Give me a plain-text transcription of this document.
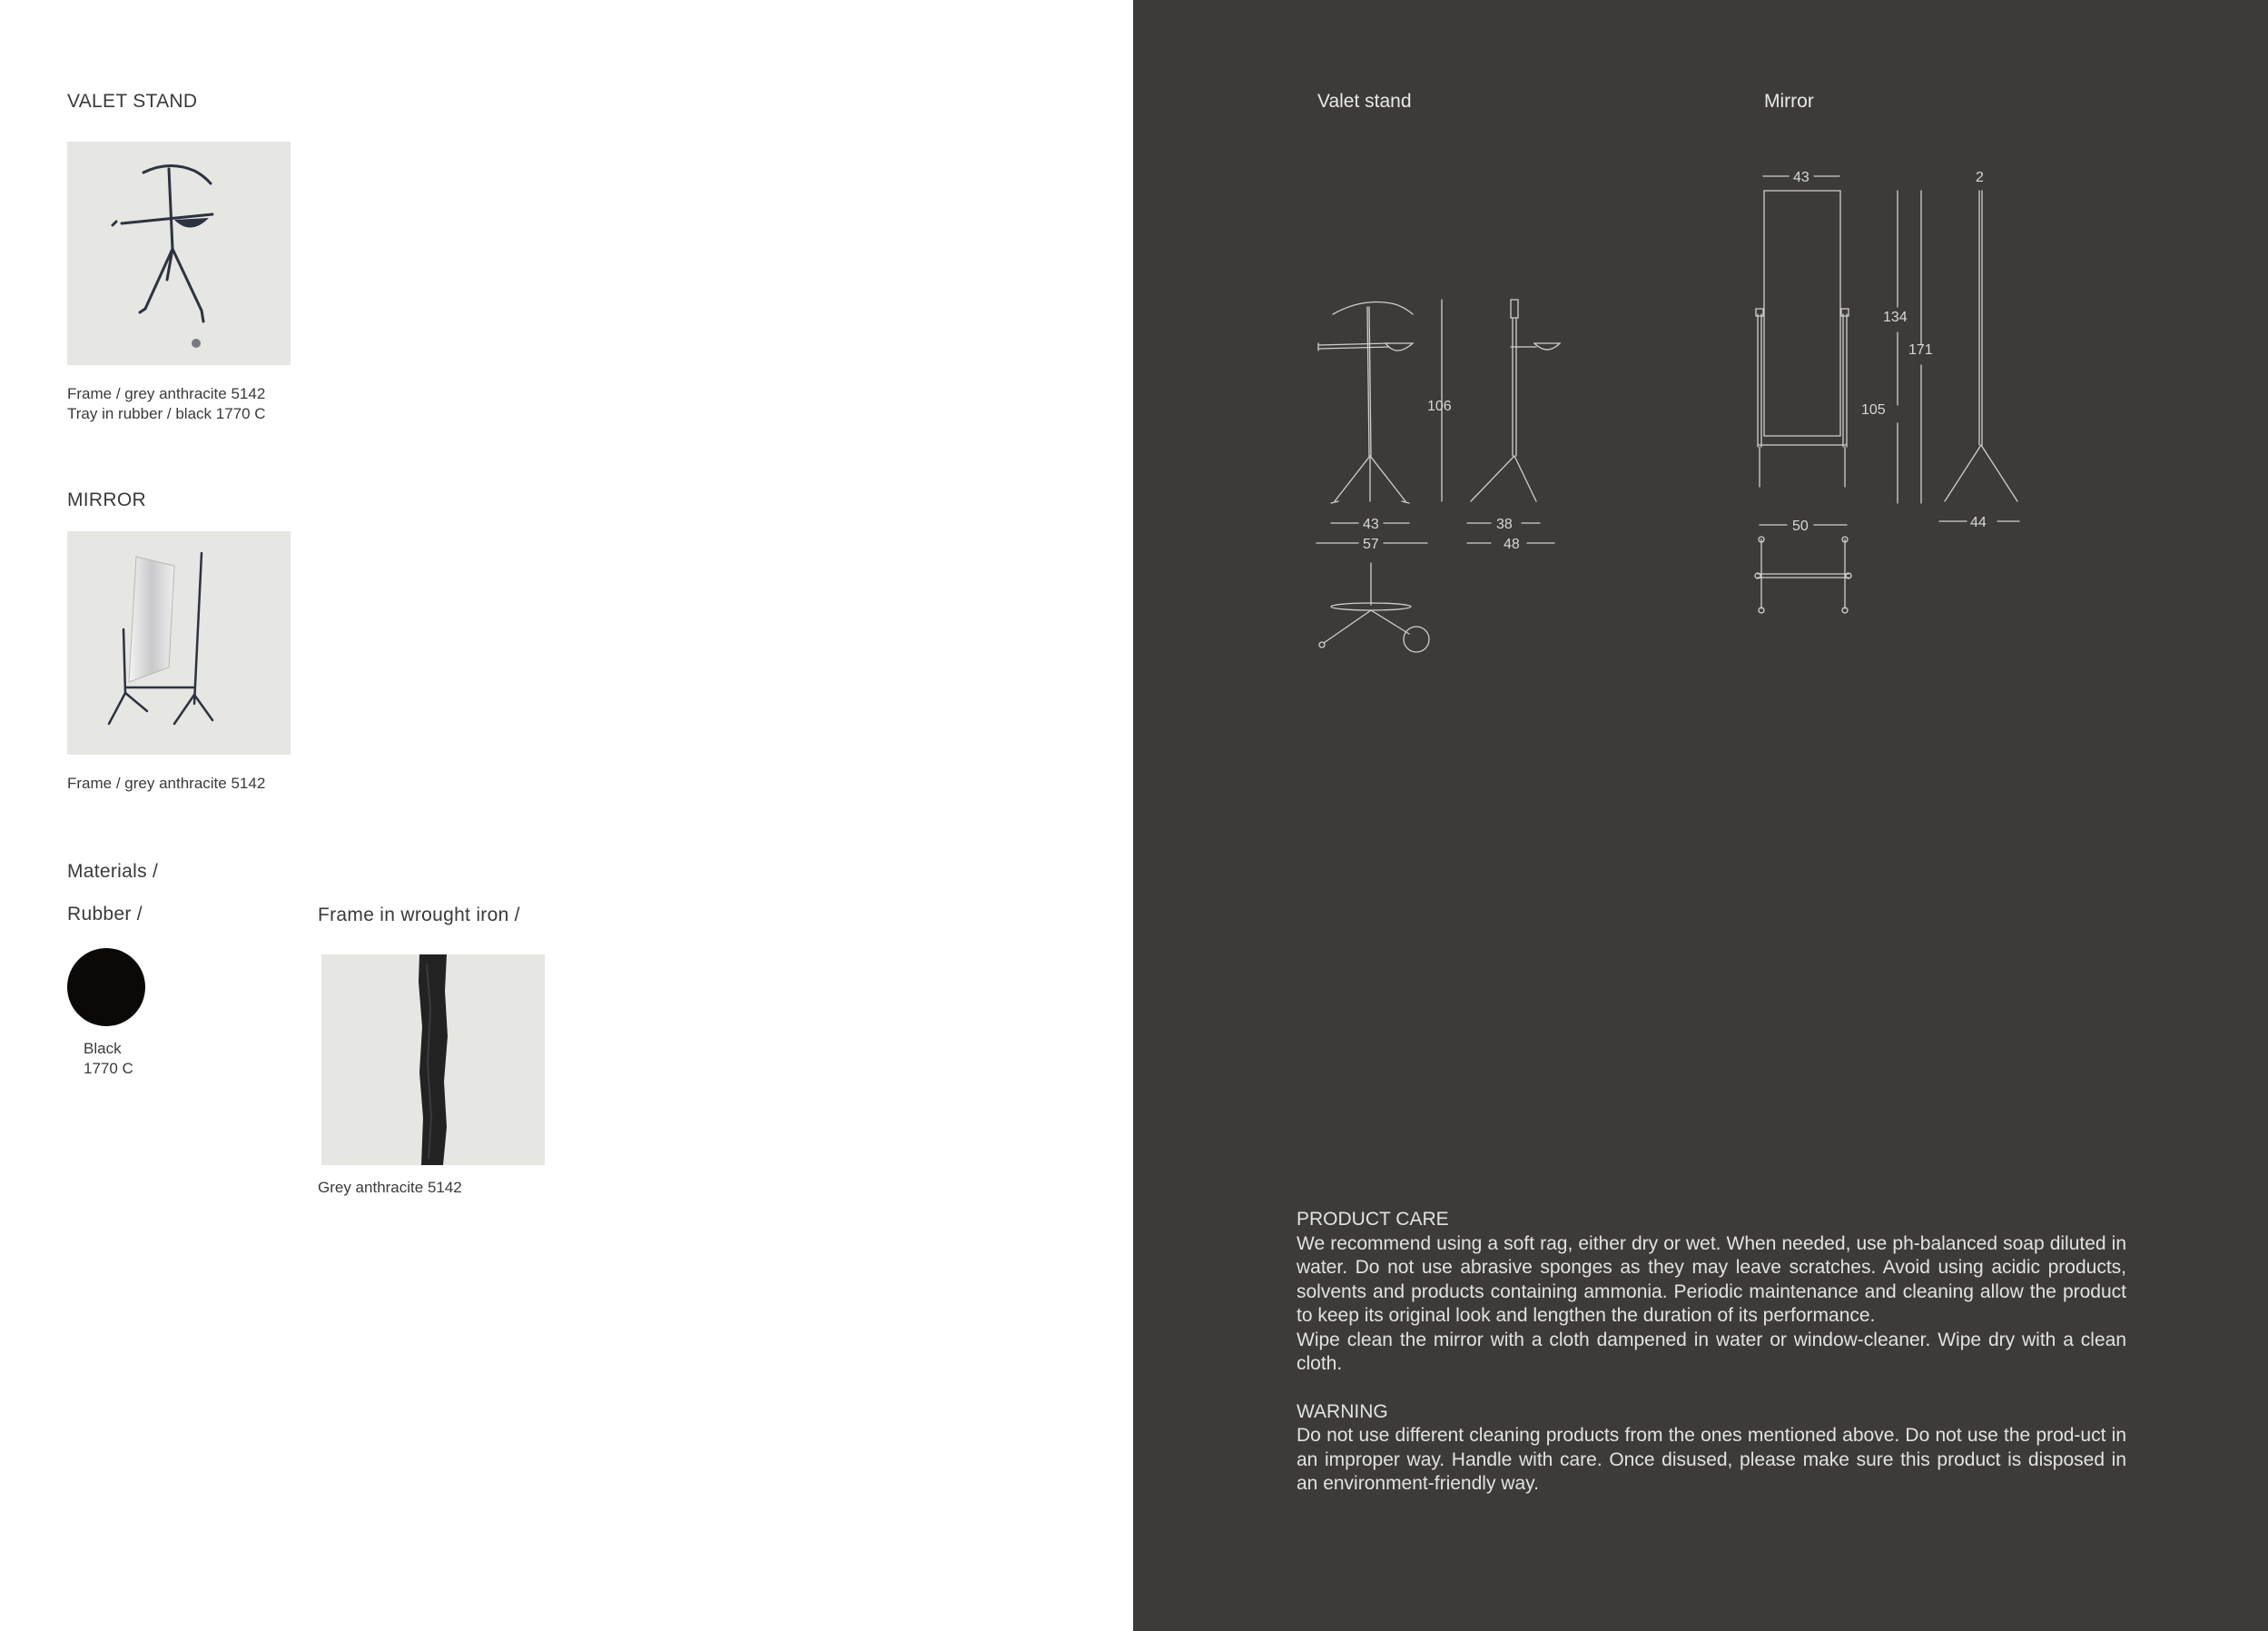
VALET STAND
Frame / grey anthracite 5142
Tray in rubber / black 1770 C
MIRROR
Frame / grey anthracite 5142
Materials /
Rubber /	Frame in wrought iron /
Black
1770 C
Grey anthracite 5142
Valet stand	Mirror
106
43
57
38
48
43	2
134
171
105
50	44
PRODUCT CARE
We recommend using a soft rag, either dry or wet. When needed, use ph-balanced soap diluted in water. Do not use abrasive sponges as they may leave scratches. Avoid using acidic products, solvents and products containing ammonia. Periodic maintenance and cleaning allow the product to keep its original look and lengthen the duration of its performance.
Wipe clean the mirror with a cloth dampened in water or window-cleaner. Wipe dry with a clean cloth.
WARNING
Do not use different cleaning products from the ones mentioned above. Do not use the prod-uct in an improper way. Handle with care. Once disused, please make sure this product is disposed in an environment-friendly way.
